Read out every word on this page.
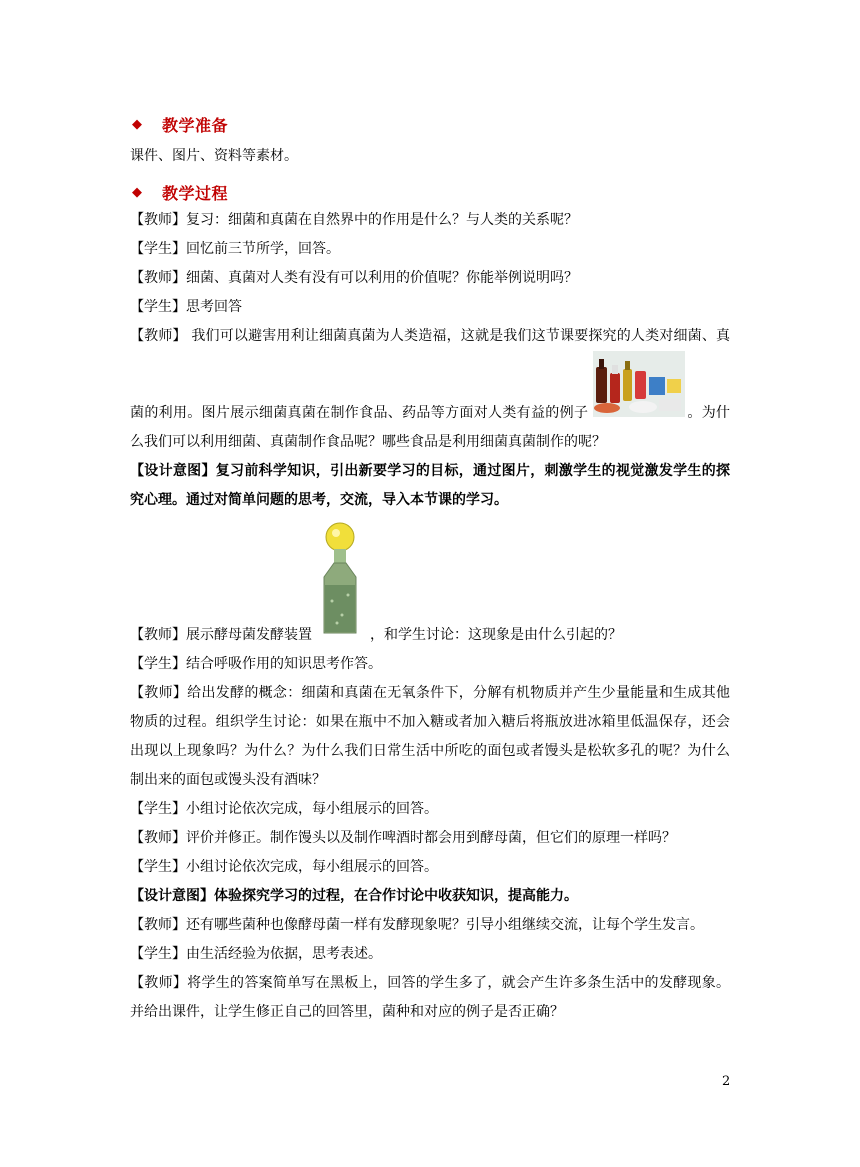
◆	教学准备
课件、图片、资料等素材。
◆	教学过程
【教师】复习：细菌和真菌在自然界中的作用是什么？与人类的关系呢？
【学生】回忆前三节所学，回答。
【教师】细菌、真菌对人类有没有可以利用的价值呢？你能举例说明吗？
【学生】思考回答
【教师】 我们可以避害用利让细菌真菌为人类造福，这就是我们这节课要探究的人类对细菌、真菌的利用。图片展示细菌真菌在制作食品、药品等方面对人类有益的例子	。为什么我们可以利用细菌、真菌制作食品呢？哪些食品是利用细菌真菌制作的呢？
【设计意图】复习前科学知识，引出新要学习的目标，通过图片，刺激学生的视觉激发学生的探究心理。通过对简单问题的思考，交流，导入本节课的学习。
【教师】展示酵母菌发酵装置	，和学生讨论：这现象是由什么引起的？
【学生】结合呼吸作用的知识思考作答。
【教师】给出发酵的概念：细菌和真菌在无氧条件下，分解有机物质并产生少量能量和生成其他物质的过程。组织学生讨论：如果在瓶中不加入糖或者加入糖后将瓶放进冰箱里低温保存，还会出现以上现象吗？为什么？为什么我们日常生活中所吃的面包或者馒头是松软多孔的呢？为什么制出来的面包或馒头没有酒味？
【学生】小组讨论依次完成，每小组展示的回答。
【教师】评价并修正。制作馒头以及制作啤酒时都会用到酵母菌，但它们的原理一样吗？
【学生】小组讨论依次完成，每小组展示的回答。
【设计意图】体验探究学习的过程，在合作讨论中收获知识，提高能力。
【教师】还有哪些菌种也像酵母菌一样有发酵现象呢？引导小组继续交流，让每个学生发言。
【学生】由生活经验为依据，思考表述。
【教师】将学生的答案简单写在黑板上，回答的学生多了，就会产生许多条生活中的发酵现象。并给出课件，让学生修正自己的回答里，菌种和对应的例子是否正确？
2
